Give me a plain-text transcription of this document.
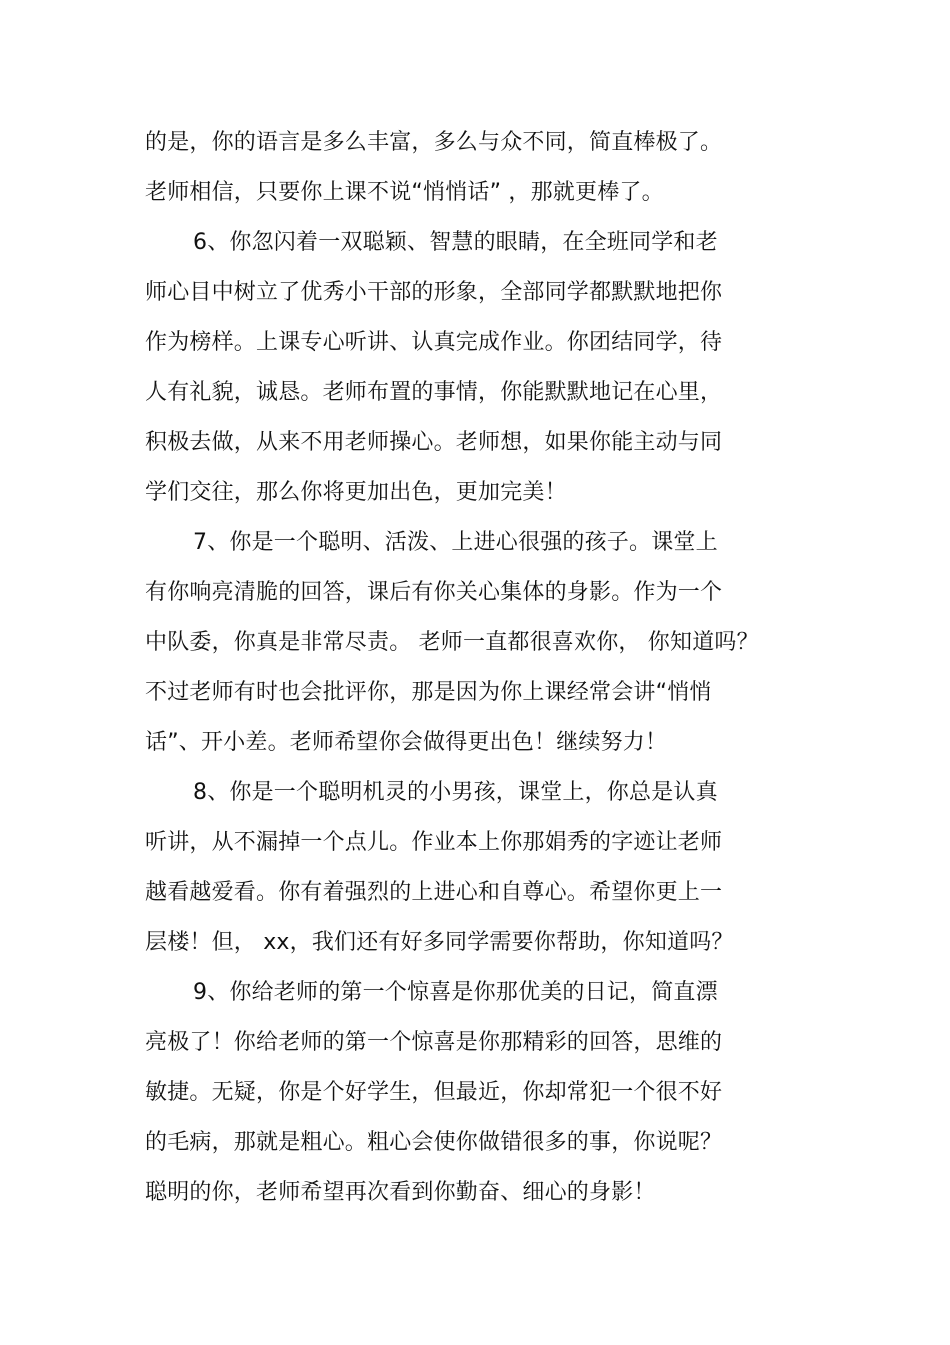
的是，你的语言是多么丰富，多么与众不同，简直棒极了。

老师相信，只要你上课不说“悄悄话” ，那就更棒了。

6、你忽闪着一双聪颖、智慧的眼睛，在全班同学和老

师心目中树立了优秀小干部的形象，全部同学都默默地把你

作为榜样。上课专心听讲、认真完成作业。你团结同学，待

人有礼貌，诚恳。老师布置的事情，你能默默地记在心里，

积极去做，从来不用老师操心。老师想，如果你能主动与同

学们交往，那么你将更加出色，更加完美！

7、你是一个聪明、活泼、上进心很强的孩子。课堂上

有你响亮清脆的回答，课后有你关心集体的身影。作为一个

中队委，你真是非常尽责。 老师一直都很喜欢你， 你知道吗？

不过老师有时也会批评你，那是因为你上课经常会讲“悄悄

话”、开小差。老师希望你会做得更出色！继续努力！

8、你是一个聪明机灵的小男孩，课堂上，你总是认真

听讲，从不漏掉一个点儿。作业本上你那娟秀的字迹让老师

越看越爱看。你有着强烈的上进心和自尊心。希望你更上一

层楼！但， xx，我们还有好多同学需要你帮助，你知道吗？

9、你给老师的第一个惊喜是你那优美的日记，简直漂

亮极了！你给老师的第一个惊喜是你那精彩的回答，思维的

敏捷。无疑，你是个好学生，但最近，你却常犯一个很不好

的毛病，那就是粗心。粗心会使你做错很多的事，你说呢？

聪明的你，老师希望再次看到你勤奋、细心的身影！
